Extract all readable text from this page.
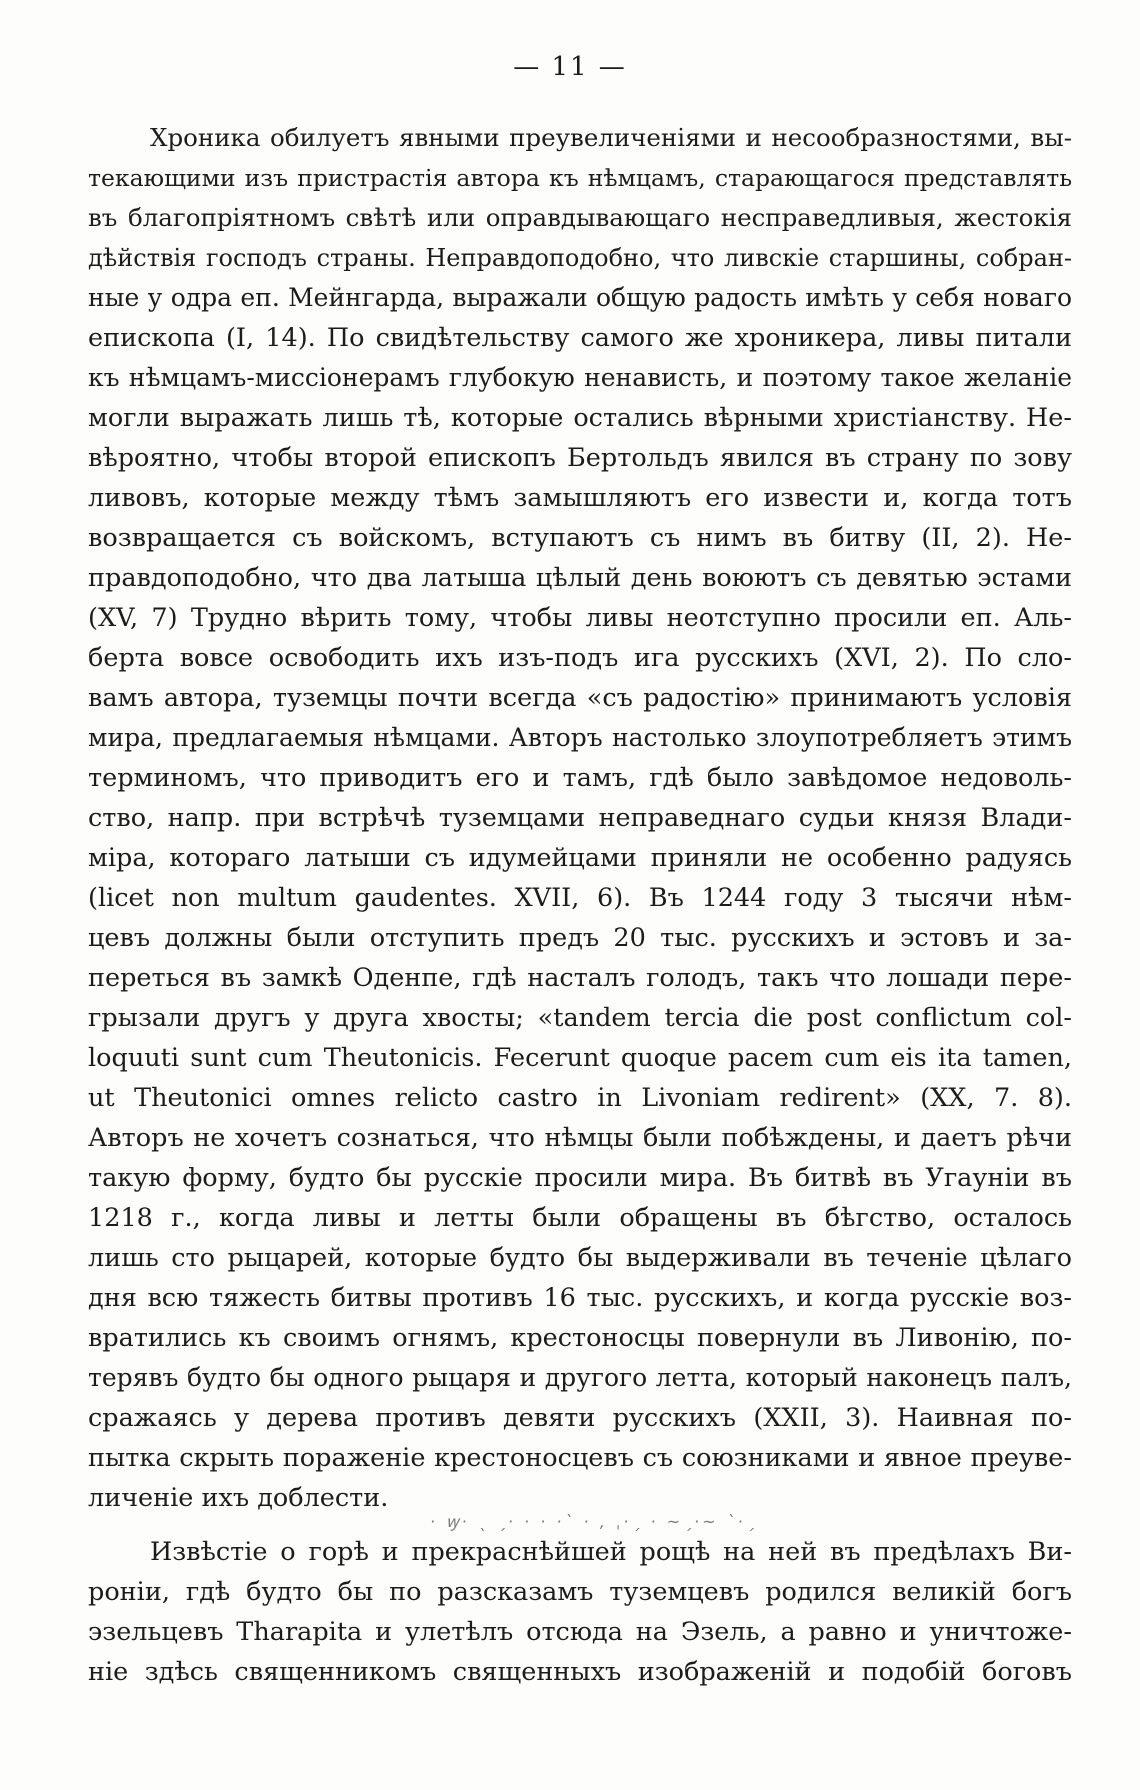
— 11 —
· ꝡ· ˎ ˏ· · · ·ˋ · , ˌ·ˏ · ~ˏ·~ ˋ·ˏ
Хроника обилуетъ явными преувеличеніями и несообразностями, вы-
текающими изъ пристрастія автора къ нѣмцамъ, старающагося представлять
въ благопріятномъ свѣтѣ или оправдывающаго несправедливыя, жестокія
дѣйствія господъ страны. Неправдоподобно, что ливскіе старшины, собран-
ные у одра еп. Мейнгарда, выражали общую радость имѣть у себя новаго
епископа (I, 14). По свидѣтельству самого же хроникера, ливы питали
къ нѣмцамъ-миссіонерамъ глубокую ненависть, и поэтому такое желаніе
могли выражать лишь тѣ, которые остались вѣрными христіанству. Не-
вѣроятно, чтобы второй епископъ Бертольдъ явился въ страну по зову
ливовъ, которые между тѣмъ замышляютъ его извести и, когда тотъ
возвращается съ войскомъ, вступаютъ съ нимъ въ битву (II, 2). Не-
правдоподобно, что два латыша цѣлый день воюютъ съ девятью эстами
(XV, 7) Трудно вѣрить тому, чтобы ливы неотступно просили еп. Аль-
берта вовсе освободить ихъ изъ-подъ ига русскихъ (XVI, 2). По сло-
вамъ автора, туземцы почти всегда «съ радостію» принимаютъ условія
мира, предлагаемыя нѣмцами. Авторъ настолько злоупотребляетъ этимъ
терминомъ, что приводитъ его и тамъ, гдѣ было завѣдомое недоволь-
ство, напр. при встрѣчѣ туземцами неправеднаго судьи князя Влади-
міра, котораго латыши съ идумейцами приняли не особенно радуясь
(licet non multum gaudentes. XVII, 6). Въ 1244 году 3 тысячи нѣм-
цевъ должны были отступить предъ 20 тыс. русскихъ и эстовъ и за-
переться въ замкѣ Оденпе, гдѣ насталъ голодъ, такъ что лошади пере-
грызали другъ у друга хвосты; «tandem tercia die post conflictum col-
loquuti sunt cum Theutonicis. Fecerunt quoque pacem cum eis ita tamen,
ut Theutonici omnes relicto castro in Livoniam redirent» (XX, 7. 8).
Авторъ не хочетъ сознаться, что нѣмцы были побѣждены, и даетъ рѣчи
такую форму, будто бы русскіе просили мира. Въ битвѣ въ Угауніи въ
1218 г., когда ливы и летты были обращены въ бѣгство, осталось
лишь сто рыцарей, которые будто бы выдерживали въ теченіе цѣлаго
дня всю тяжесть битвы противъ 16 тыс. русскихъ, и когда русскіе воз-
вратились къ своимъ огнямъ, крестоносцы повернули въ Ливонію, по-
терявъ будто бы одного рыцаря и другого летта, который наконецъ палъ,
сражаясь у дерева противъ девяти русскихъ (XXII, 3). Наивная по-
пытка скрыть пораженіе крестоносцевъ съ союзниками и явное преуве-
личеніе ихъ доблести.
Извѣстіе о горѣ и прекраснѣйшей рощѣ на ней въ предѣлахъ Ви-
роніи, гдѣ будто бы по разсказамъ туземцевъ родился великій богъ
эзельцевъ Tharapita и улетѣлъ отсюда на Эзель, а равно и уничтоже-
ніе здѣсь священникомъ священныхъ изображеній и подобій боговъ
